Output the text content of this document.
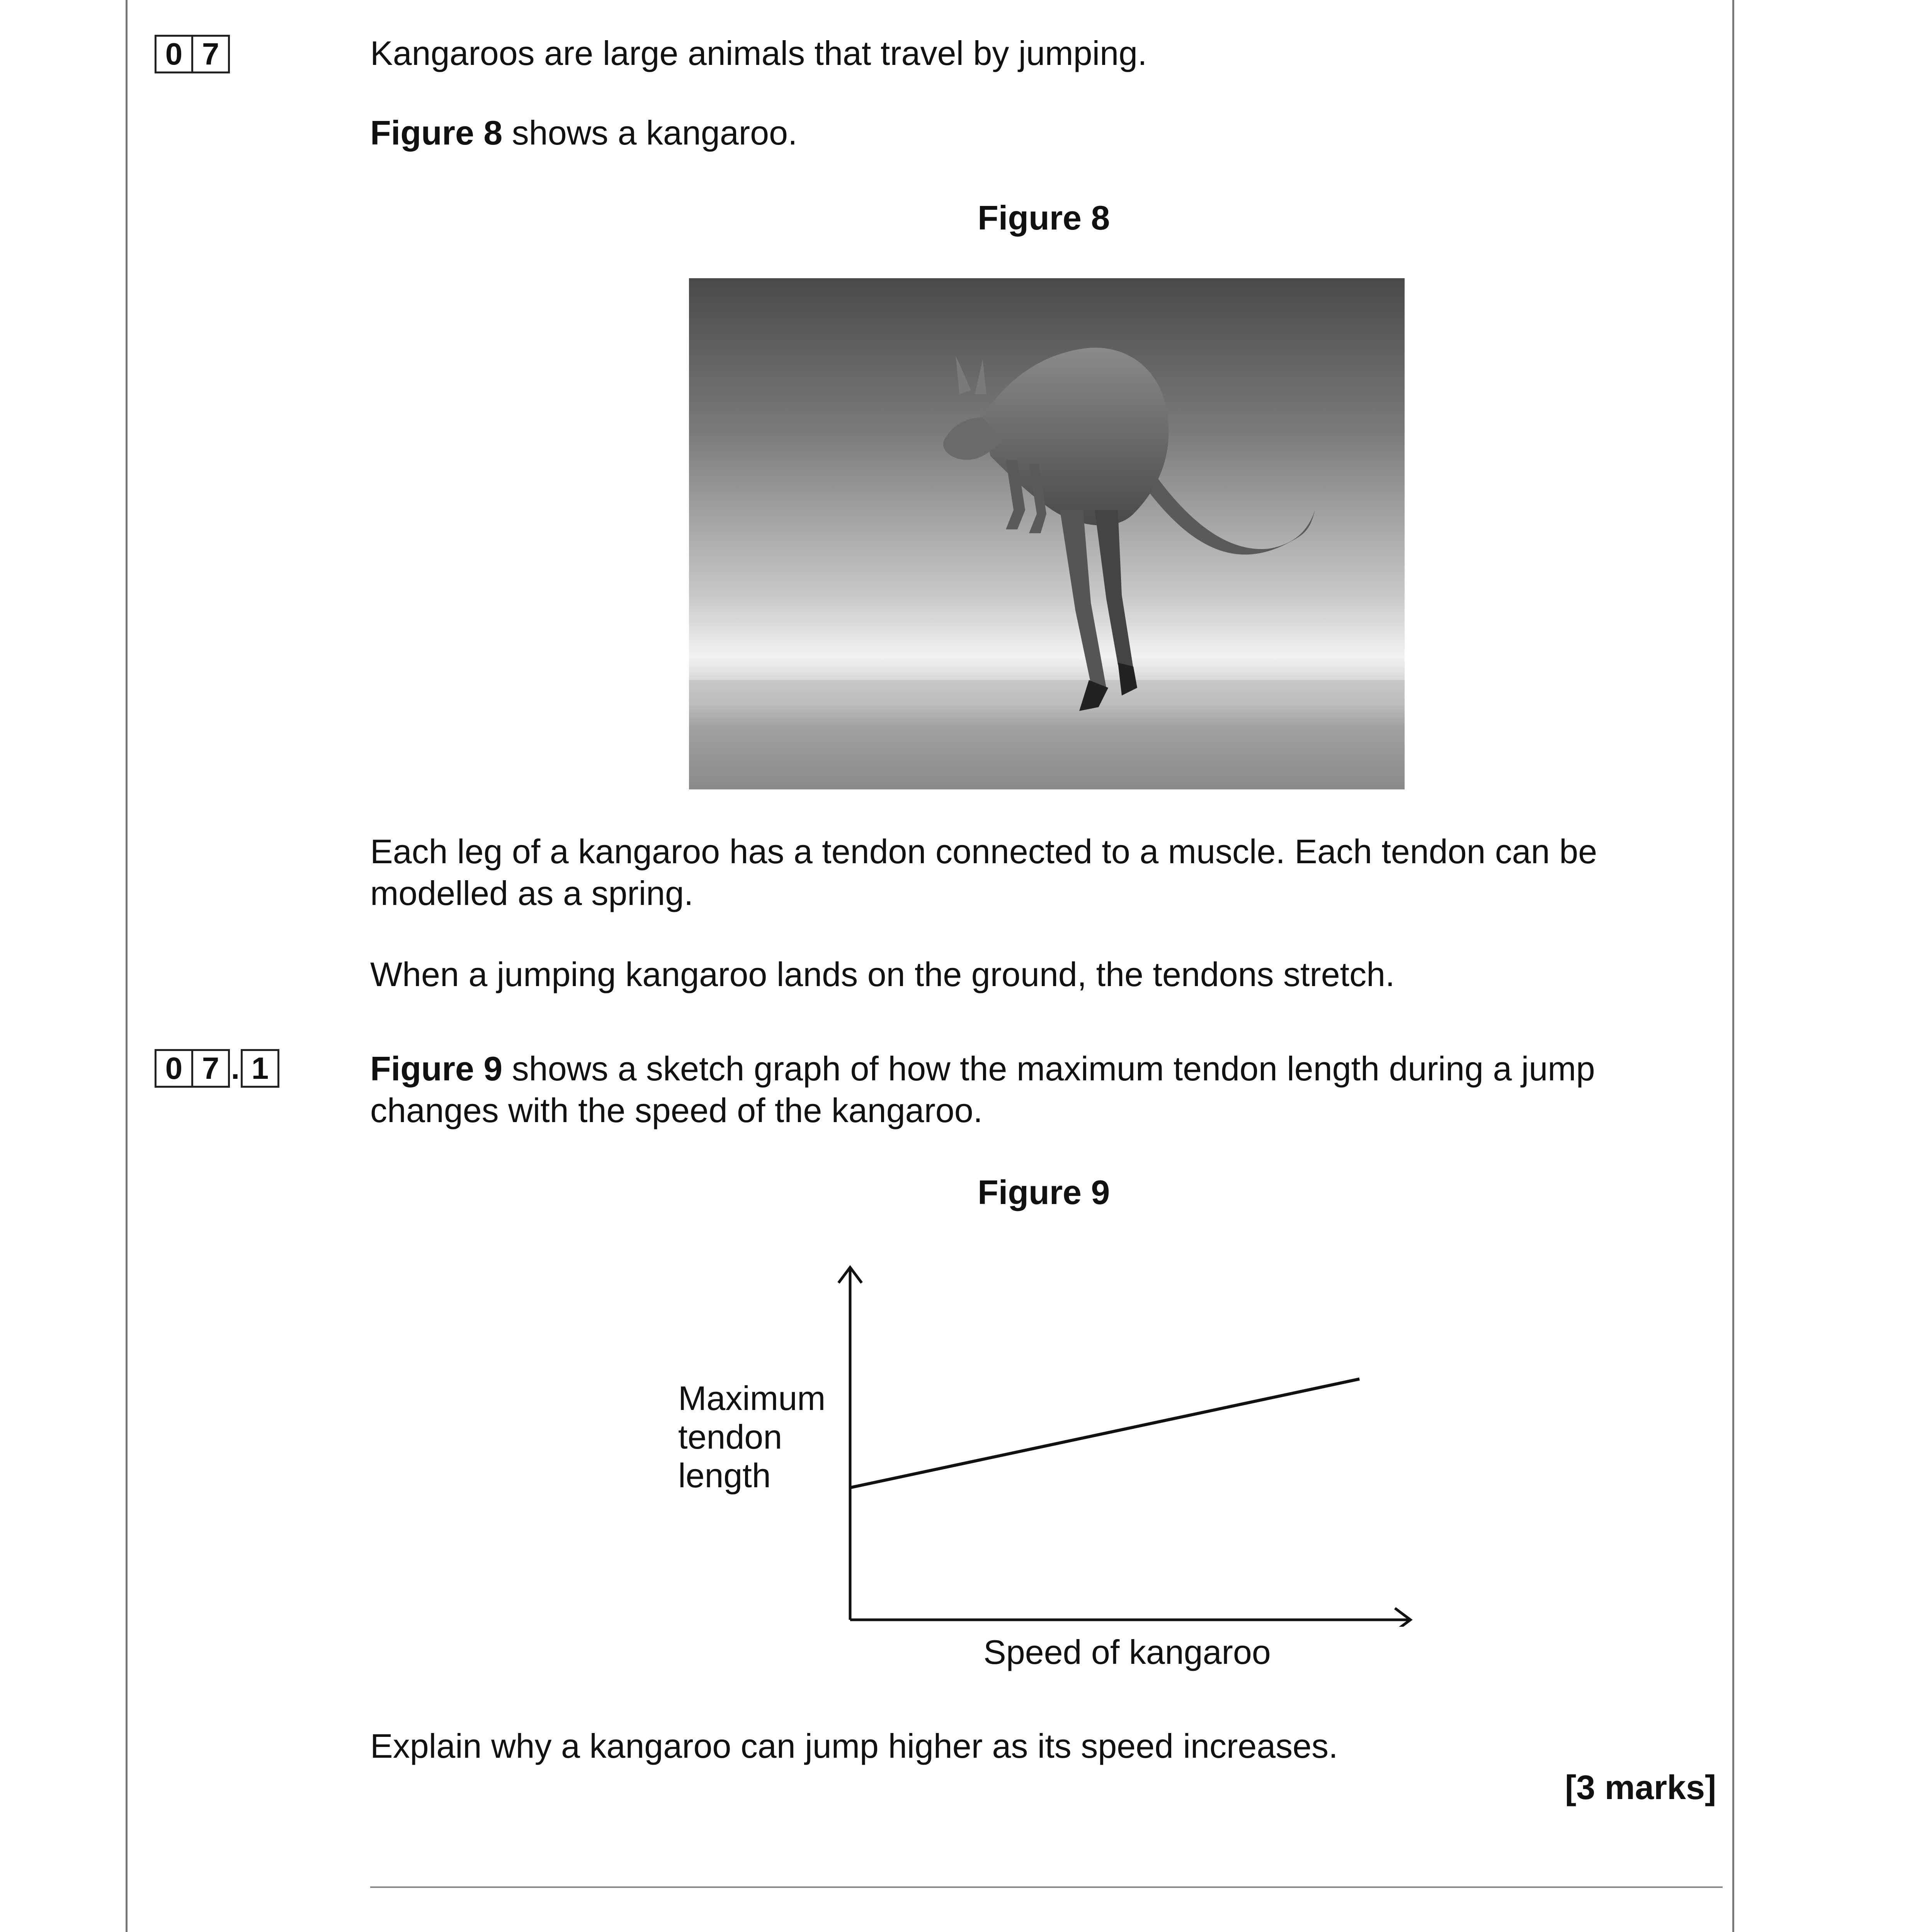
0 7	Kangaroos are large animals that travel by jumping.
Figure 8 shows a kangaroo.
Figure 8
Each leg of a kangaroo has a tendon connected to a muscle. Each tendon can be
modelled as a spring.
When a jumping kangaroo lands on the ground, the tendons stretch.
0 7 . 1	Figure 9 shows a sketch graph of how the maximum tendon length during a jump
changes with the speed of the kangaroo.
Figure 9
Maximum
tendon
length
Speed of kangaroo
Explain why a kangaroo can jump higher as its speed increases.
[3 marks]
